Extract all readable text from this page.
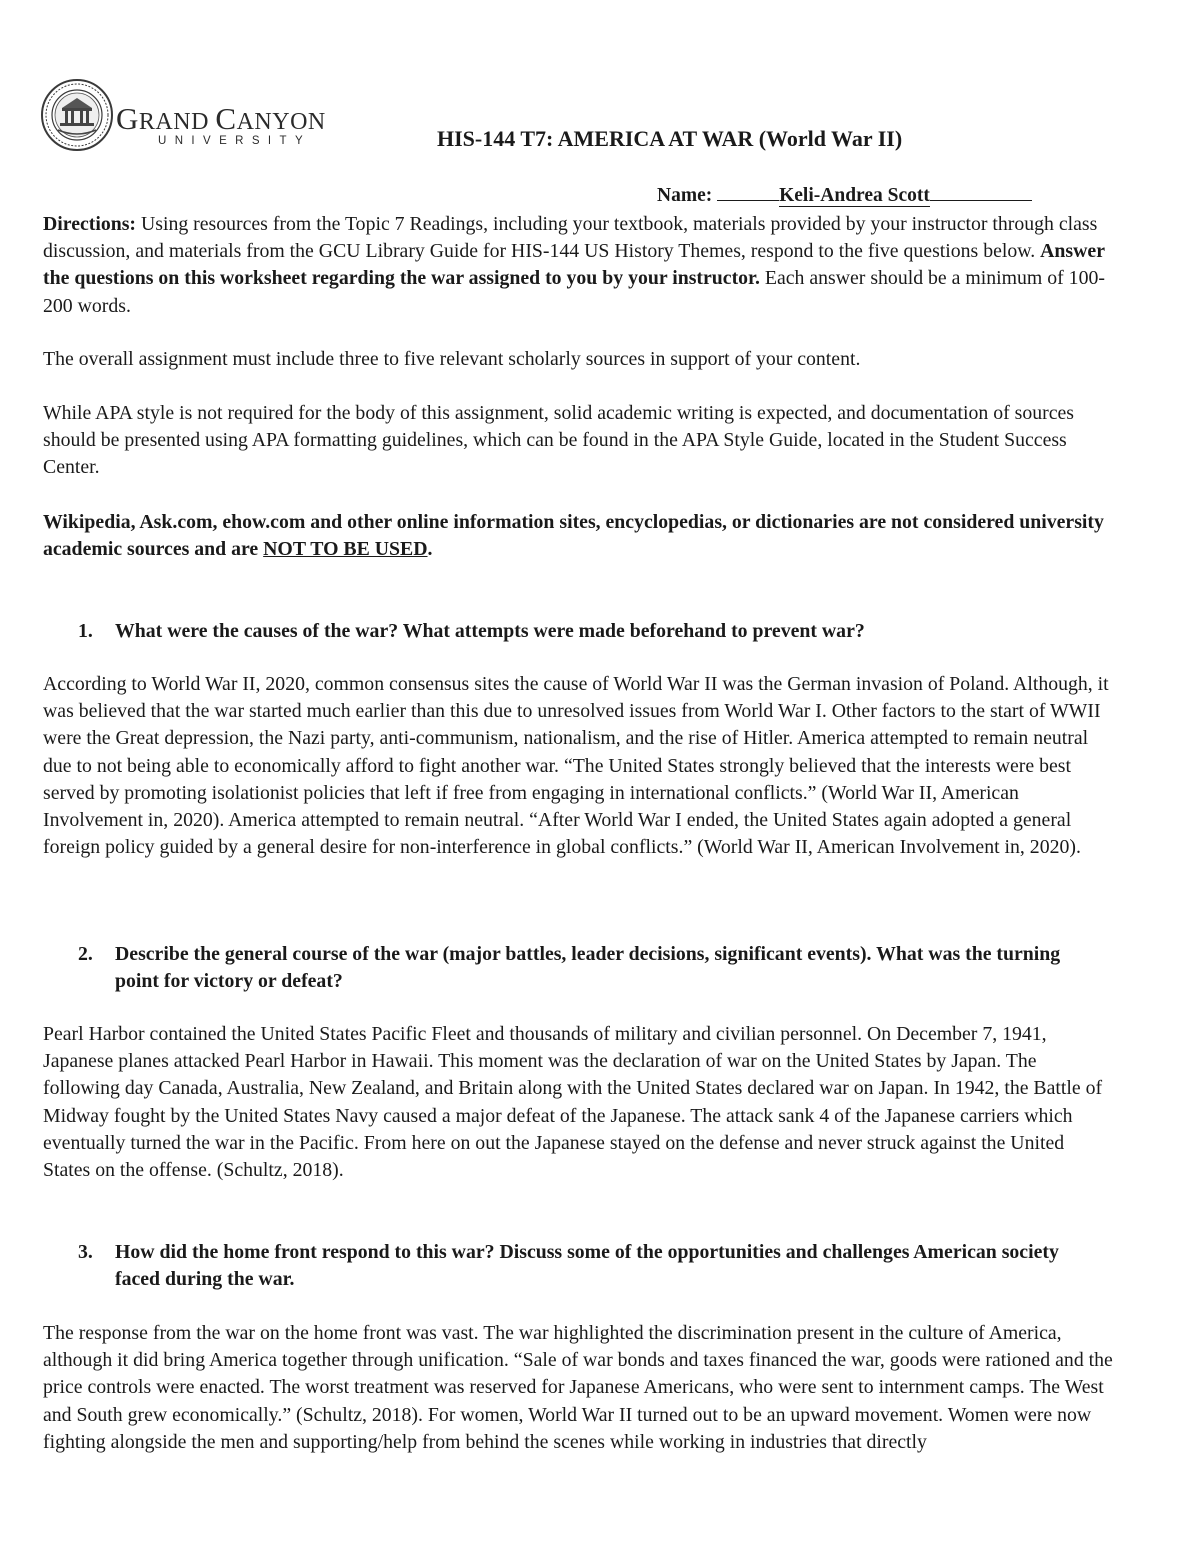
GRAND CANYON
UNIVERSITY	HIS-144 T7: AMERICA AT WAR (World War II)
Name:	Keli-Andrea Scott

Directions: Using resources from the Topic 7 Readings, including your textbook, materials provided by your instructor through class discussion, and materials from the GCU Library Guide for HIS-144 US History Themes, respond to the five questions below. Answer the questions on this worksheet regarding the war assigned to you by your instructor. Each answer should be a minimum of 100-200 words.

The overall assignment must include three to five relevant scholarly sources in support of your content.

While APA style is not required for the body of this assignment, solid academic writing is expected, and documentation of sources should be presented using APA formatting guidelines, which can be found in the APA Style Guide, located in the Student Success Center.

Wikipedia, Ask.com, ehow.com and other online information sites, encyclopedias, or dictionaries are not considered university academic sources and are NOT TO BE USED.

1. What were the causes of the war? What attempts were made beforehand to prevent war?

According to World War II, 2020, common consensus sites the cause of World War II was the German invasion of Poland. Although, it was believed that the war started much earlier than this due to unresolved issues from World War I. Other factors to the start of WWII were the Great depression, the Nazi party, anti-communism, nationalism, and the rise of Hitler. America attempted to remain neutral due to not being able to economically afford to fight another war. “The United States strongly believed that the interests were best served by promoting isolationist policies that left if free from engaging in international conflicts.” (World War II, American Involvement in, 2020). America attempted to remain neutral. “After World War I ended, the United States again adopted a general foreign policy guided by a general desire for non-interference in global conflicts.” (World War II, American Involvement in, 2020).

2. Describe the general course of the war (major battles, leader decisions, significant events). What was the turning point for victory or defeat?

Pearl Harbor contained the United States Pacific Fleet and thousands of military and civilian personnel. On December 7, 1941, Japanese planes attacked Pearl Harbor in Hawaii. This moment was the declaration of war on the United States by Japan. The following day Canada, Australia, New Zealand, and Britain along with the United States declared war on Japan. In 1942, the Battle of Midway fought by the United States Navy caused a major defeat of the Japanese. The attack sank 4 of the Japanese carriers which eventually turned the war in the Pacific. From here on out the Japanese stayed on the defense and never struck against the United States on the offense. (Schultz, 2018).

3. How did the home front respond to this war? Discuss some of the opportunities and challenges American society faced during the war.

The response from the war on the home front was vast. The war highlighted the discrimination present in the culture of America, although it did bring America together through unification. “Sale of war bonds and taxes financed the war, goods were rationed and the price controls were enacted. The worst treatment was reserved for Japanese Americans, who were sent to internment camps. The West and South grew economically.” (Schultz, 2018). For women, World War II turned out to be an upward movement. Women were now fighting alongside the men and supporting/help from behind the scenes while working in industries that directly
